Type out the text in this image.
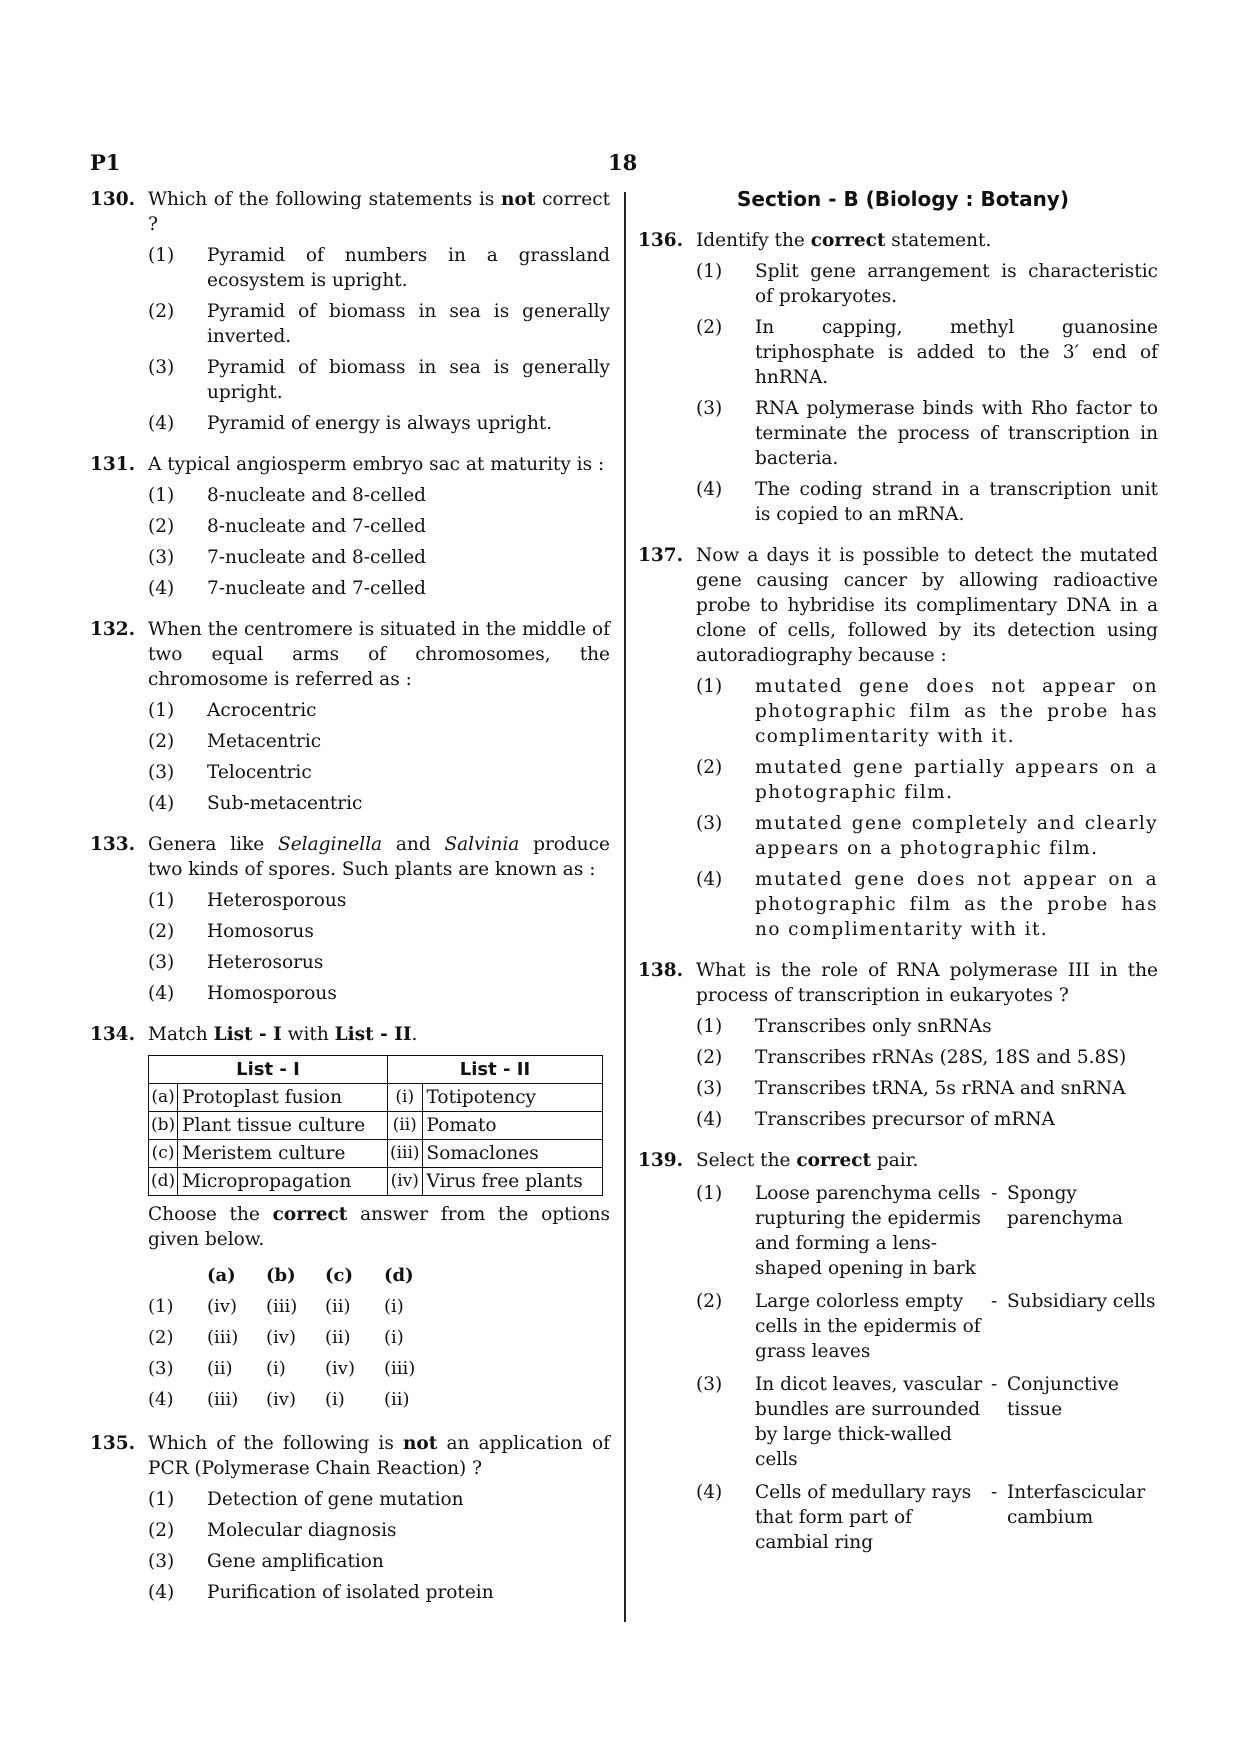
P1	18
130. Which of the following statements is not correct ?
(1)	Pyramid of numbers in a grassland ecosystem is upright.
(2)	Pyramid of biomass in sea is generally inverted.
(3)	Pyramid of biomass in sea is generally upright.
(4)	Pyramid of energy is always upright.
131. A typical angiosperm embryo sac at maturity is :
(1)	8-nucleate and 8-celled
(2)	8-nucleate and 7-celled
(3)	7-nucleate and 8-celled
(4)	7-nucleate and 7-celled
132. When the centromere is situated in the middle of two equal arms of chromosomes, the chromosome is referred as :
(1)	Acrocentric
(2)	Metacentric
(3)	Telocentric
(4)	Sub-metacentric
133. Genera like Selaginella and Salvinia produce two kinds of spores. Such plants are known as :
(1)	Heterosporous
(2)	Homosorus
(3)	Heterosorus
(4)	Homosporous
134. Match List - I with List - II.
List - I		List - II	
(a)	Protoplast fusion	(i)	Totipotency
(b)	Plant tissue culture	(ii)	Pomato
(c)	Meristem culture	(iii)	Somaclones
(d)	Micropropagation	(iv)	Virus free plants
Choose the correct answer from the options given below.
	(a)	(b)	(c)	(d)
(1)	(iv)	(iii)	(ii)	(i)
(2)	(iii)	(iv)	(ii)	(i)
(3)	(ii)	(i)	(iv)	(iii)
(4)	(iii)	(iv)	(i)	(ii)
135. Which of the following is not an application of PCR (Polymerase Chain Reaction) ?
(1)	Detection of gene mutation
(2)	Molecular diagnosis
(3)	Gene amplification
(4)	Purification of isolated protein
Section - B (Biology : Botany)
136. Identify the correct statement.
(1)	Split gene arrangement is characteristic of prokaryotes.
(2)	In capping, methyl guanosine triphosphate is added to the 3′ end of hnRNA.
(3)	RNA polymerase binds with Rho factor to terminate the process of transcription in bacteria.
(4)	The coding strand in a transcription unit is copied to an mRNA.
137. Now a days it is possible to detect the mutated gene causing cancer by allowing radioactive probe to hybridise its complimentary DNA in a clone of cells, followed by its detection using autoradiography because :
(1)	mutated gene does not appear on photographic film as the probe has complimentarity with it.
(2)	mutated gene partially appears on a photographic film.
(3)	mutated gene completely and clearly appears on a photographic film.
(4)	mutated gene does not appear on a photographic film as the probe has no complimentarity with it.
138. What is the role of RNA polymerase III in the process of transcription in eukaryotes ?
(1)	Transcribes only snRNAs
(2)	Transcribes rRNAs (28S, 18S and 5.8S)
(3)	Transcribes tRNA, 5s rRNA and snRNA
(4)	Transcribes precursor of mRNA
139. Select the correct pair.
(1)	Loose parenchyma cells rupturing the epidermis and forming a lens-shaped opening in bark
- Spongy parenchyma
(2)	Large colorless empty cells in the epidermis of grass leaves
- Subsidiary cells
(3)	In dicot leaves, vascular bundles are surrounded by large thick-walled cells
- Conjunctive tissue
(4)	Cells of medullary rays that form part of cambial ring
- Interfascicular cambium
